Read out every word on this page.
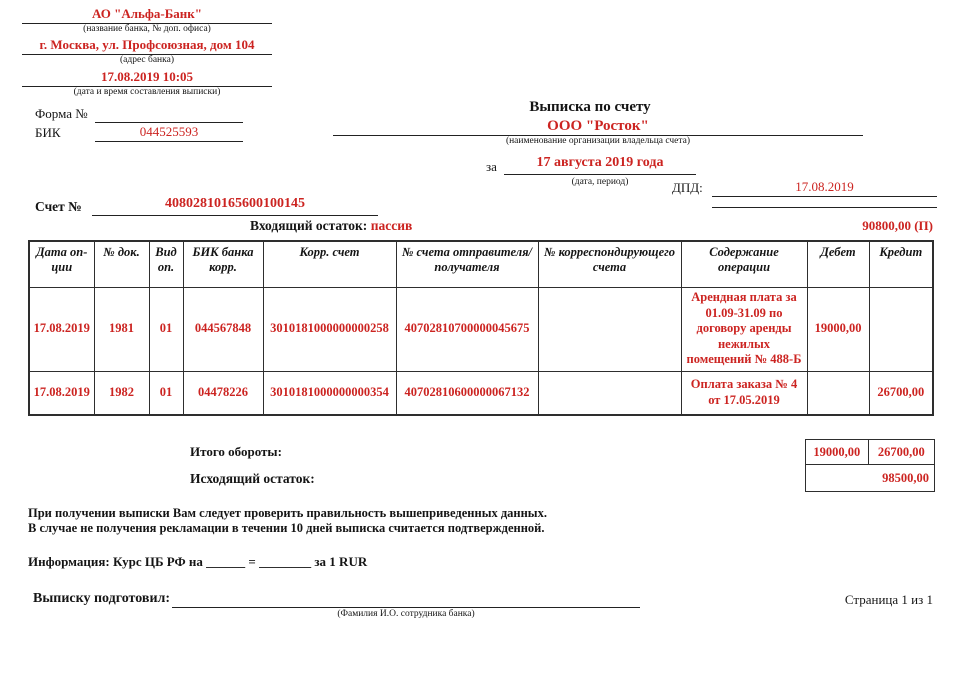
АО "Альфа-Банк"
(название банка, № доп. офиса)
г. Москва, ул. Профсоюзная, дом 104
(адрес банка)
17.08.2019 10:05
(дата и время составления выписки)
Форма №
БИК	044525593
Выписка по счету
ООО "Росток"
(наименование организации владельца счета)
за	17 августа 2019 года
(дата, период)	ДПД:	17.08.2019
Счет №	40802810165600100145
Входящий остаток: пассив	90800,00 (П)
Дата оп-ции	№ док.	Вид оп.	БИК банка корр.	Корр. счет	№ счета отправителя/ получателя	№ корреспондирующего счета	Содержание операции	Дебет	Кредит
17.08.2019	1981	01	044567848	3010181000000000258	40702810700000045675		Арендная плата за 01.09-31.09 по договору аренды нежилых помещений № 488-Б	19000,00	
17.08.2019	1982	01	04478226	3010181000000000354	40702810600000067132		Оплата заказа № 4 от 17.05.2019		26700,00
Итого обороты:
Исходящий остаток:
19000,00	26700,00
98500,00
При получении выписки Вам следует проверить правильность вышеприведенных данных.
В случае не получения рекламации в течении 10 дней выписка считается подтвержденной.
Информация: Курс ЦБ РФ на ______ = ________ за 1 RUR
Выписку подготовил:
(Фамилия И.О. сотрудника банка)
Страница 1 из 1
